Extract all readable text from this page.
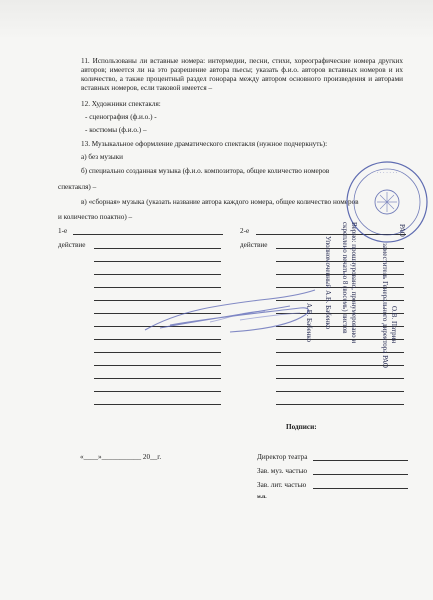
11. Использованы ли вставные номера: интермедии, песни, стихи, хореографические номера другких авторов; имеется ли на это разрешение автора пьесы; указать ф.и.о. авторов вставных номеров и их количество, а также процентный раздел гонорара между автором основного произведения и авторами вставных номеров, если таковой имеется –
12. Художники спектакля:
- сценография (ф.и.о.) -
- костюмы (ф.и.о.) –
13. Музыкальное оформление драматического спектакля (нужное подчеркнуть):
а) без музыки
б) специально созданная музыка (ф.и.о. композитора, общее количество номеров
спектакля) –
в) «сборная» музыка (указать название автора каждого номера, общее количество номеров
и количество поактно) –
1-е
действие
2-е
действие
· · · · · · ·
РАО
О.В. Патрин
заместитель Генерального директора РАО
Верно: прошнуровано, пронумеровано и
скреплено печатью 8 (восемь) листов
Уполномоченный А.В. Бабенко
А.В. Бабенко
Подписи:
«____»___________ 20__г.	Директор театра
Зав. муз. частью
Зав. лит. частью
м.п.
